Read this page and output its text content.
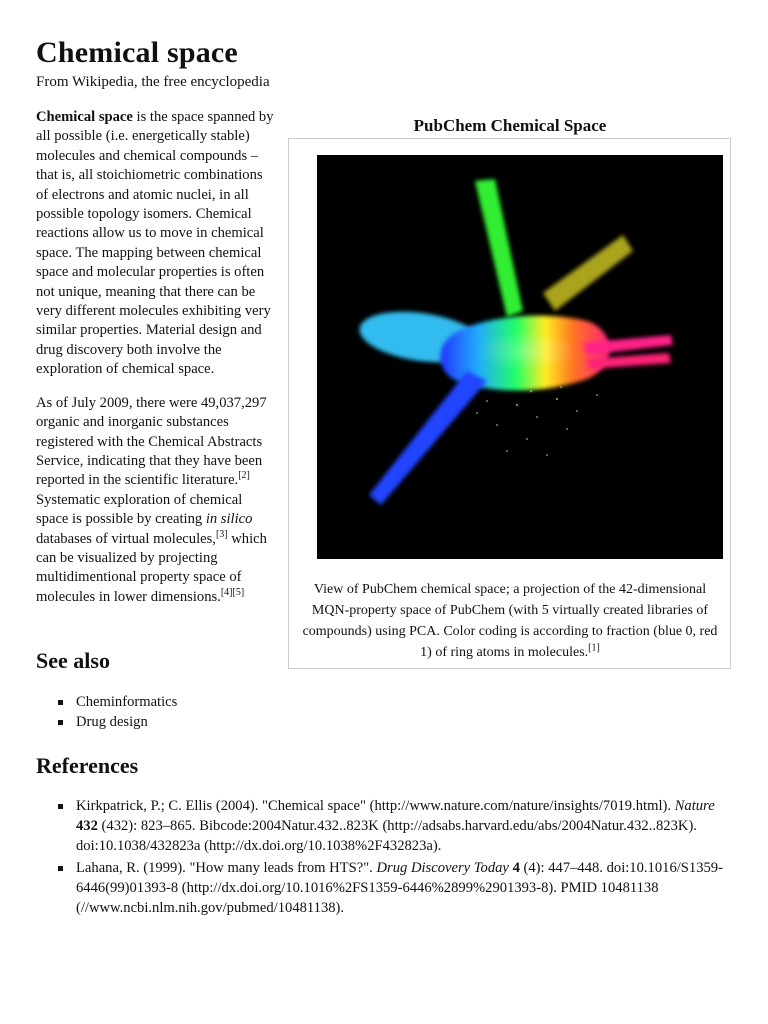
Chemical space
From Wikipedia, the free encyclopedia

Chemical space is the space spanned by all possible (i.e. energetically stable) molecules and chemical compounds – that is, all stoichiometric combinations of electrons and atomic nuclei, in all possible topology isomers. Chemical reactions allow us to move in chemical space. The mapping between chemical space and molecular properties is often not unique, meaning that there can be very different molecules exhibiting very similar properties. Material design and drug discovery both involve the exploration of chemical space.

As of July 2009, there were 49,037,297 organic and inorganic substances registered with the Chemical Abstracts Service, indicating that they have been reported in the scientific literature.[2] Systematic exploration of chemical space is possible by creating in silico databases of virtual molecules,[3] which can be visualized by projecting multidimentional property space of molecules in lower dimensions.[4][5]

PubChem Chemical Space
View of PubChem chemical space; a projection of the 42-dimensional MQN-property space of PubChem (with 5 virtually created libraries of compounds) using PCA. Color coding is according to fraction (blue 0, red 1) of ring atoms in molecules.[1]
See also
Cheminformatics
Drug design
References
Kirkpatrick, P.; C. Ellis (2004). "Chemical space" (http://www.nature.com/nature/insights/7019.html). Nature 432 (432): 823–865. Bibcode:2004Natur.432..823K (http://adsabs.harvard.edu/abs/2004Natur.432..823K). doi:10.1038/432823a (http://dx.doi.org/10.1038%2F432823a).
Lahana, R. (1999). "How many leads from HTS?". Drug Discovery Today 4 (4): 447–448. doi:10.1016/S1359-6446(99)01393-8 (http://dx.doi.org/10.1016%2FS1359-6446%2899%2901393-8). PMID 10481138 (//www.ncbi.nlm.nih.gov/pubmed/10481138).
